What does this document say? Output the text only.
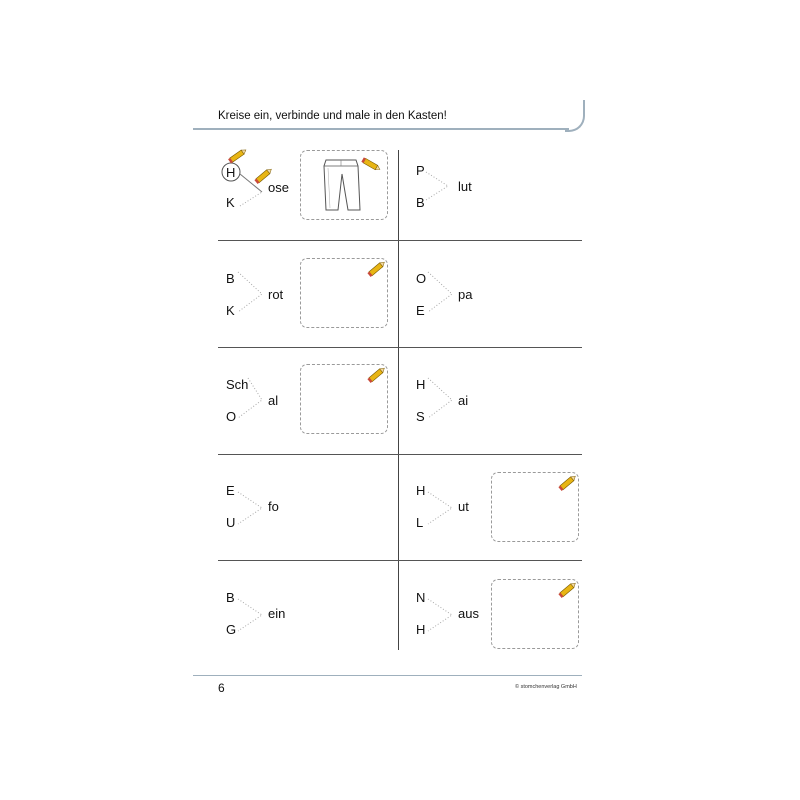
Kreise ein, verbinde und male in den Kasten!
H
K
ose
P
B
lut
B
K
rot
O
E
pa
Sch
O
al
H
S
ai
E
U
fo
H
L
ut
B
G
ein
N
H
aus
6	© stomchenverlag GmbH
